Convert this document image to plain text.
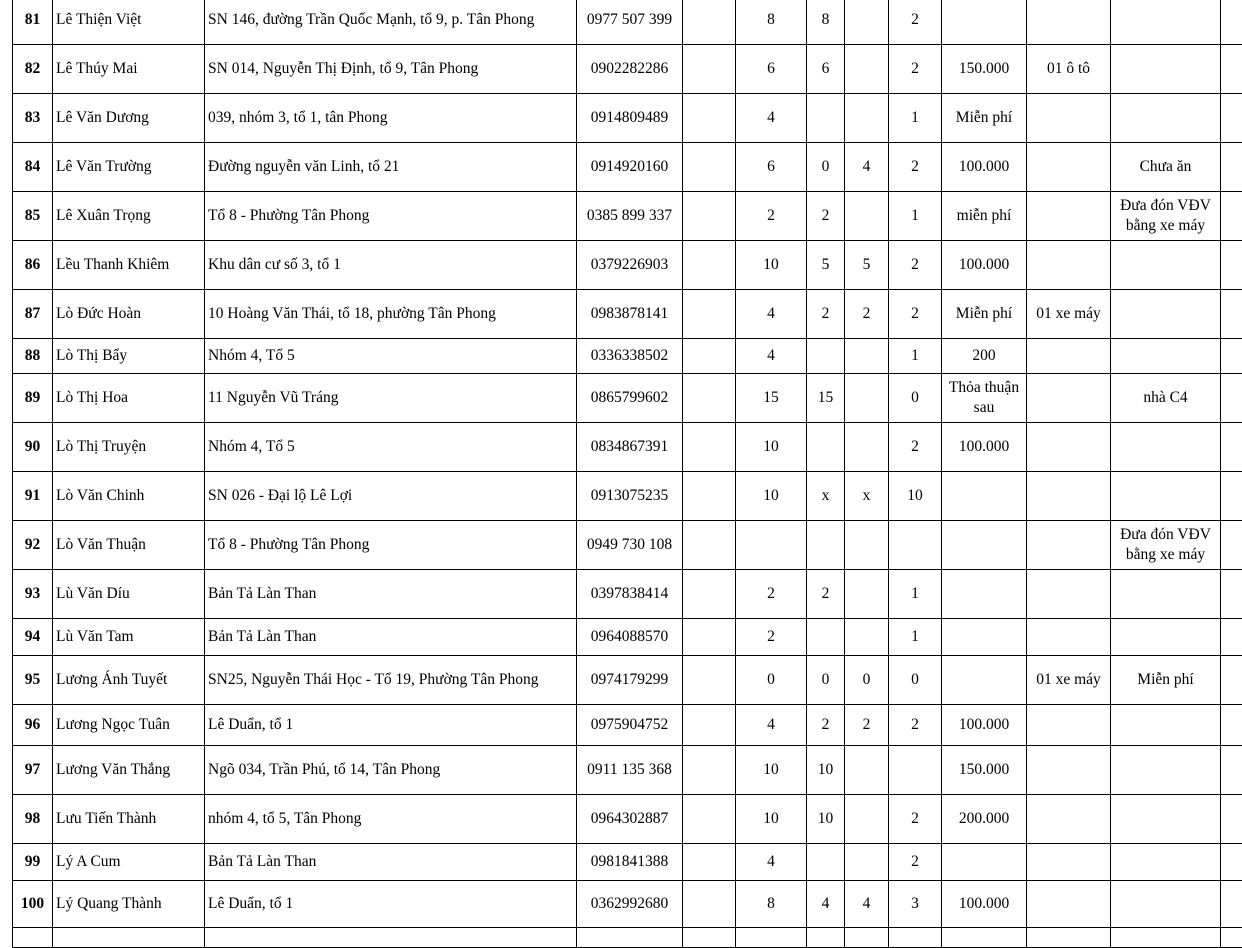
81	Lê Thiện Việt	SN 146, đường Trần Quốc Mạnh, tổ 9, p. Tân Phong	0977 507 399		8	8		2			
82	Lê Thúy Mai	SN 014, Nguyễn Thị Định, tổ 9, Tân Phong	0902282286		6	6		2	150.000	01 ô tô	
83	Lê Văn Dương	039, nhóm 3, tổ 1, tân Phong	0914809489		4			1	Miễn phí		
84	Lê Văn Trường	Đường nguyễn văn Linh, tổ 21	0914920160		6	0	4	2	100.000		Chưa ăn
85	Lê Xuân Trọng	Tổ 8 - Phường Tân Phong	0385 899 337		2	2		1	miễn phí		Đưa đón VĐV bằng xe máy
86	Lều Thanh Khiêm	Khu dân cư số 3, tổ 1	0379226903		10	5	5	2	100.000		
87	Lò Đức Hoàn	10 Hoàng Văn Thái, tổ 18, phường Tân Phong	0983878141		4	2	2	2	Miễn phí	01 xe máy	
88	Lò Thị Bẩy	Nhóm 4, Tổ 5	0336338502		4			1	200		
89	Lò Thị Hoa	11 Nguyễn Vũ Tráng	0865799602		15	15		0	Thỏa thuận sau		nhà C4
90	Lò Thị Truyện	Nhóm 4, Tổ 5	0834867391		10			2	100.000		
91	Lò Văn Chinh	SN 026 - Đại lộ Lê Lợi	0913075235		10	x	x	10			
92	Lò Văn Thuận	Tổ 8 - Phường Tân Phong	0949 730 108								Đưa đón VĐV bằng xe máy
93	Lù Văn Díu	Bản Tả Làn Than	0397838414		2	2		1			
94	Lù Văn Tam	Bản Tả Làn Than	0964088570		2			1			
95	Lương Ánh Tuyết	SN25, Nguyễn Thái Học - Tổ 19, Phường Tân Phong	0974179299		0	0	0	0		01 xe máy	Miễn phí
96	Lương Ngọc Tuân	Lê Duẩn, tổ 1	0975904752		4	2	2	2	100.000		
97	Lương Văn Thắng	Ngõ 034, Trần Phú, tổ 14, Tân Phong	0911 135 368		10	10			150.000		
98	Lưu Tiến Thành	nhóm 4, tổ 5, Tân Phong	0964302887		10	10		2	200.000		
99	Lý A Cum	Bản Tả Làn Than	0981841388		4			2			
100	Lý Quang Thành	Lê Duẩn, tổ 1	0362992680		8	4	4	3	100.000		
